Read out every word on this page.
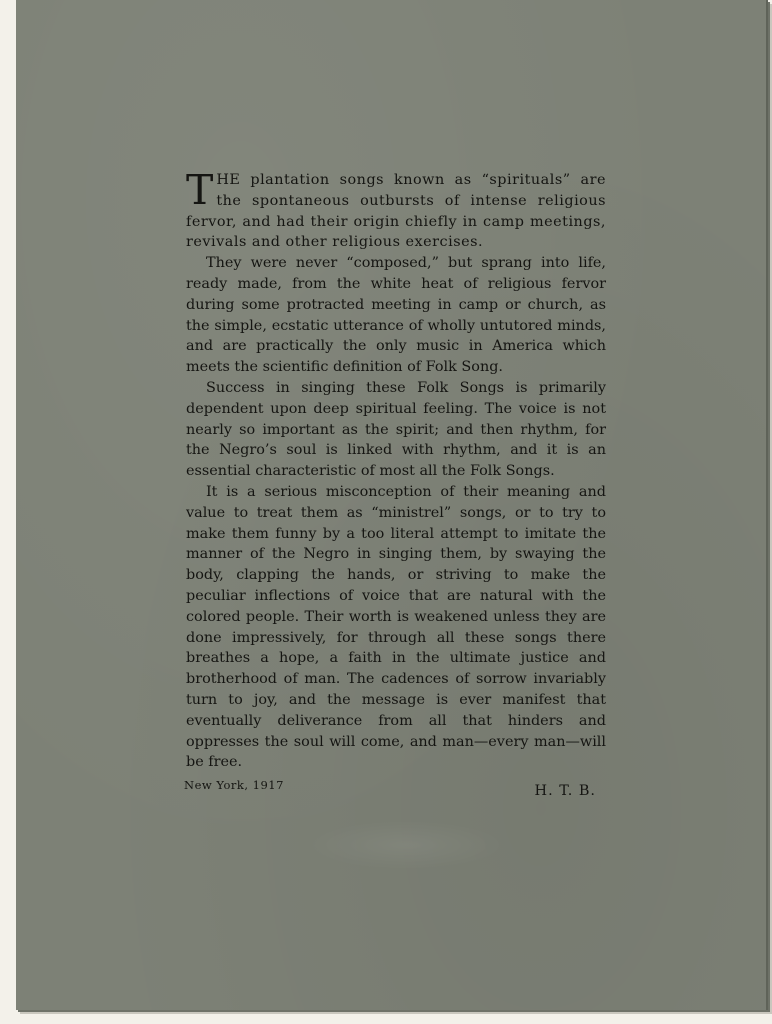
THE plantation songs known as “spirituals” are the spontaneous outbursts of intense religious fervor, and had their origin chiefly in camp meetings, revivals and other religious exercises.

They were never “composed,” but sprang into life, ready made, from the white heat of religious fervor during some protracted meeting in camp or church, as the simple, ecstatic utterance of wholly untutored minds, and are practically the only music in America which meets the scientific definition of Folk Song.

Success in singing these Folk Songs is primarily dependent upon deep spiritual feeling. The voice is not nearly so important as the spirit; and then rhythm, for the Negro’s soul is linked with rhythm, and it is an essential characteristic of most all the Folk Songs.

It is a serious misconception of their meaning and value to treat them as “ministrel” songs, or to try to make them funny by a too literal attempt to imitate the manner of the Negro in singing them, by swaying the body, clapping the hands, or striving to make the peculiar inflections of voice that are natural with the colored people. Their worth is weakened unless they are done impressively, for through all these songs there breathes a hope, a faith in the ultimate justice and brotherhood of man. The cadences of sorrow invariably turn to joy, and the message is ever manifest that eventually deliverance from all that hinders and oppresses the soul will come, and man—every man—will be free.

H. T. B.
New York, 1917
